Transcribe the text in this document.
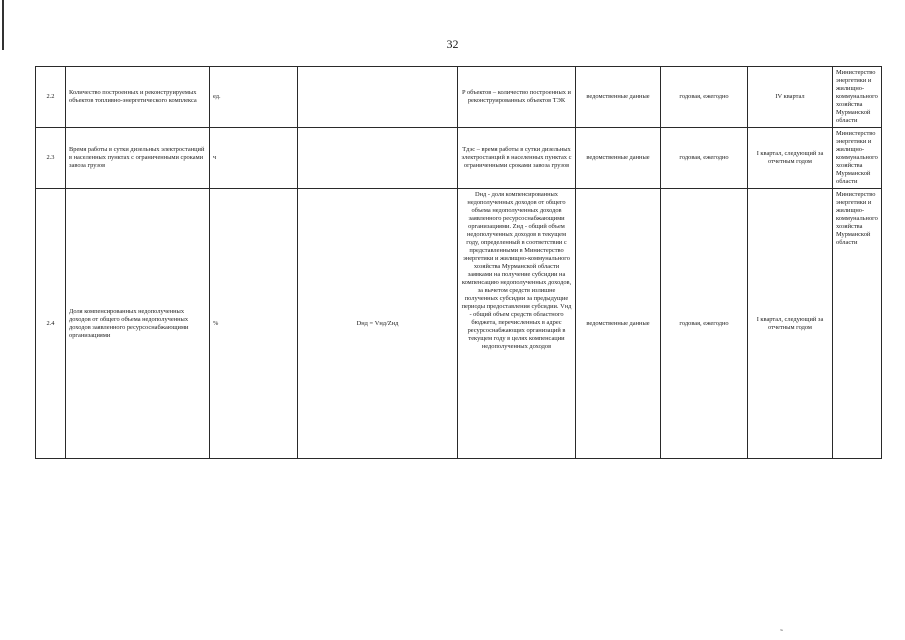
32
2.2	Количество построенных и реконструируемых объектов топливно-энергетического комплекса	ед.		P объектов – количество построенных и реконструированных объектов ТЭК	ведомственные данные	годовая, ежегодно	IV квартал	Министерство энергетики и жилищно-коммунального хозяйства Мурманской области
2.3	Время работы в сутки дизельных электростанций в населенных пунктах с ограниченными сроками завоза грузов	ч		Tдэс – время работы в сутки дизельных электростанций в населенных пунктах с ограниченными сроками завоза грузов	ведомственные данные	годовая, ежегодно	I квартал, следующий за отчетным годом	Министерство энергетики и жилищно-коммунального хозяйства Мурманской области
2.4	Доля компенсированных недополученных доходов от общего объема недополученных доходов заявленного ресурсоснабжающими организациями	%	Dнд = Vнд/Zнд	Dнд - доля компенсированных недополученных доходов от общего объема недополученных доходов заявленного ресурсоснабжающими организациями. Zнд - общий объем недополученных доходов в текущем году, определенный в соответствии с представленными в Министерство энергетики и жилищно-коммунального хозяйства Мурманской области заявками на получение субсидии на компенсацию недополученных доходов, за вычетом средств излишне полученных субсидии за предыдущие периоды предоставления субсидии. Vнд - общий объем средств областного бюджета, перечисленных в адрес ресурсоснабжающих организаций в текущем году в целях компенсации недополученных доходов	ведомственные данные	годовая, ежегодно	I квартал, следующий за отчетным годом	Министерство энергетики и жилищно-коммунального хозяйства Мурманской области
˜
